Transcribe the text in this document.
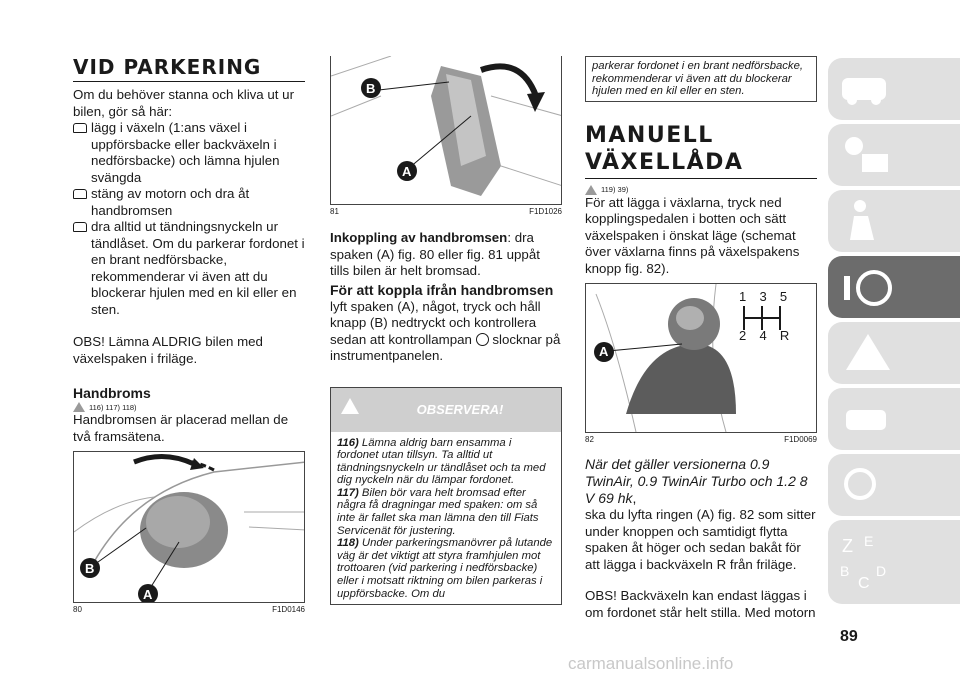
VID PARKERING

Om du behöver stanna och kliva ut ur bilen, gör så här:

lägg i växeln (1:ans växel i uppförsbacke eller backväxeln i nedförsbacke) och lämna hjulen svängda
stäng av motorn och dra åt handbromsen
dra alltid ut tändningsnyckeln ur tändlåset. Om du parkerar fordonet i en brant nedförsbacke, rekommenderar vi även att du blockerar hjulen med en kil eller en sten.

OBS! Lämna ALDRIG bilen med växelspaken i friläge.

Handbroms
116) 117) 118)

Handbromsen är placerad mellan de två framsätena.

B
A
80	F1D0146
B
A
81	F1D1026

Inkoppling av handbromsen: dra spaken (A) fig. 80 eller fig. 81 uppåt tills bilen är helt bromsad.

För att koppla ifrån handbromsen

lyft spaken (A), något, tryck och håll knapp (B) nedtryckt och kontrollera sedan att kontrollampan slocknar på instrumentpanelen.

OBSERVERA!

116) Lämna aldrig barn ensamma i fordonet utan tillsyn. Ta alltid ut tändningsnyckeln ur tändlåset och ta med dig nyckeln när du lämpar fordonet.

117) Bilen bör vara helt bromsad efter några få dragningar med spaken: om så inte är fallet ska man lämna den till Fiats Servicenät för justering.

118) Under parkeringsmanövrer på lutande väg är det viktigt att styra framhjulen mot trottoaren (vid parkering i nedförsbacke) eller i motsatt riktning om bilen parkeras i uppförsbacke. Om du

parkerar fordonet i en brant nedförsbacke, rekommenderar vi även att du blockerar hjulen med en kil eller en sten.

MANUELL
VÄXELLÅDA
119) 39)

För att lägga i växlarna, tryck ned kopplingspedalen i botten och sätt växelspaken i önskat läge (schemat över växlarna finns på växelspakens knopp fig. 82).

1  3  5
2  4  R
A
82	F1D0069

När det gäller versionerna 0.9 TwinAir, 0.9 TwinAir Turbo och 1.2 8 V 69 hk,

ska du lyfta ringen (A) fig. 82 som sitter under knoppen och samtidigt flytta spaken åt höger och sedan bakåt för att lägga i backväxeln R från friläge.

OBS! Backväxeln kan endast läggas i om fordonet står helt stilla. Med motorn

Z E
B
C
D
89
carmanualsonline.info
